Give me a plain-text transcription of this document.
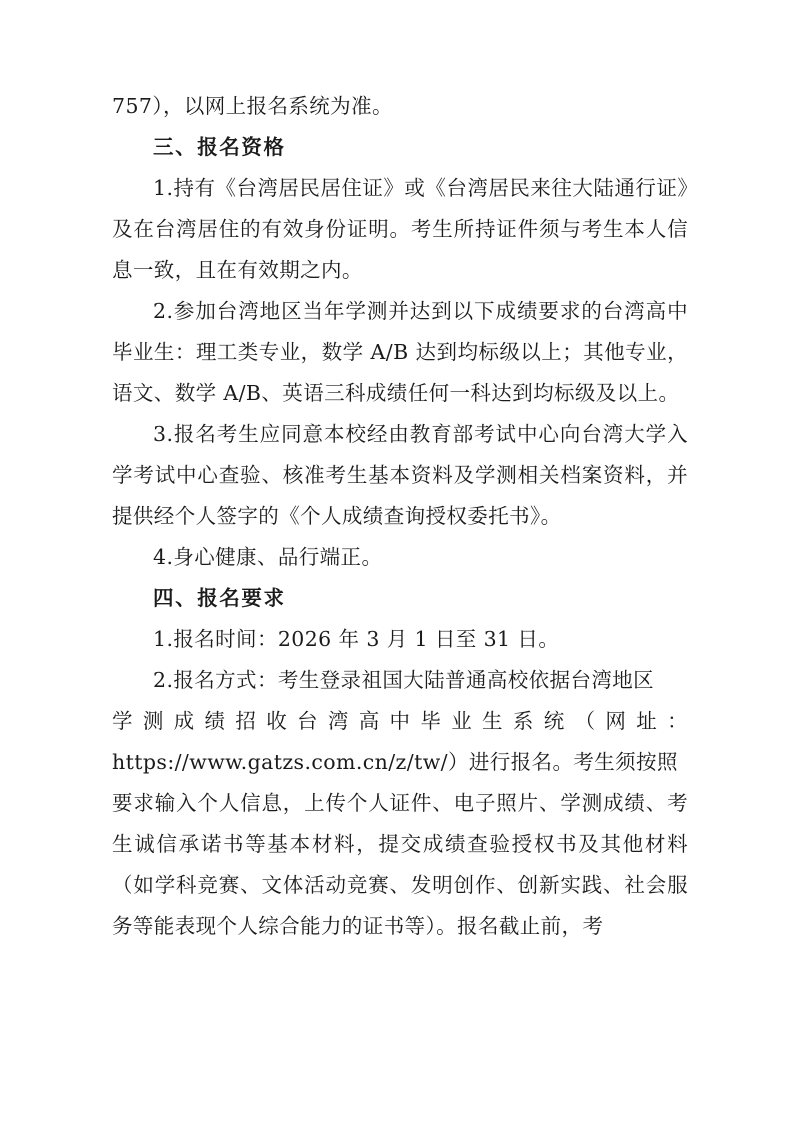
757），以网上报名系统为准。

三、报名资格

1.持有《台湾居民居住证》或《台湾居民来往大陆通行证》及在台湾居住的有效身份证明。考生所持证件须与考生本人信息一致，且在有效期之内。

2.参加台湾地区当年学测并达到以下成绩要求的台湾高中毕业生：理工类专业，数学 A/B 达到均标级以上；其他专业，语文、数学 A/B、英语三科成绩任何一科达到均标级及以上。

3.报名考生应同意本校经由教育部考试中心向台湾大学入学考试中心查验、核准考生基本资料及学测相关档案资料，并提供经个人签字的《个人成绩查询授权委托书》。

4.身心健康、品行端正。

四、报名要求

1.报名时间：2026 年 3 月 1 日至 31 日。

2.报名方式：考生登录祖国大陆普通高校依据台湾地区

学测成绩招收台湾高中毕业生系统（网址：

https://www.gatzs.com.cn/z/tw/）进行报名。考生须按照

要求输入个人信息，上传个人证件、电子照片、学测成绩、考生诚信承诺书等基本材料，提交成绩查验授权书及其他材料（如学科竞赛、文体活动竞赛、发明创作、创新实践、社会服务等能表现个人综合能力的证书等）。报名截止前，考
